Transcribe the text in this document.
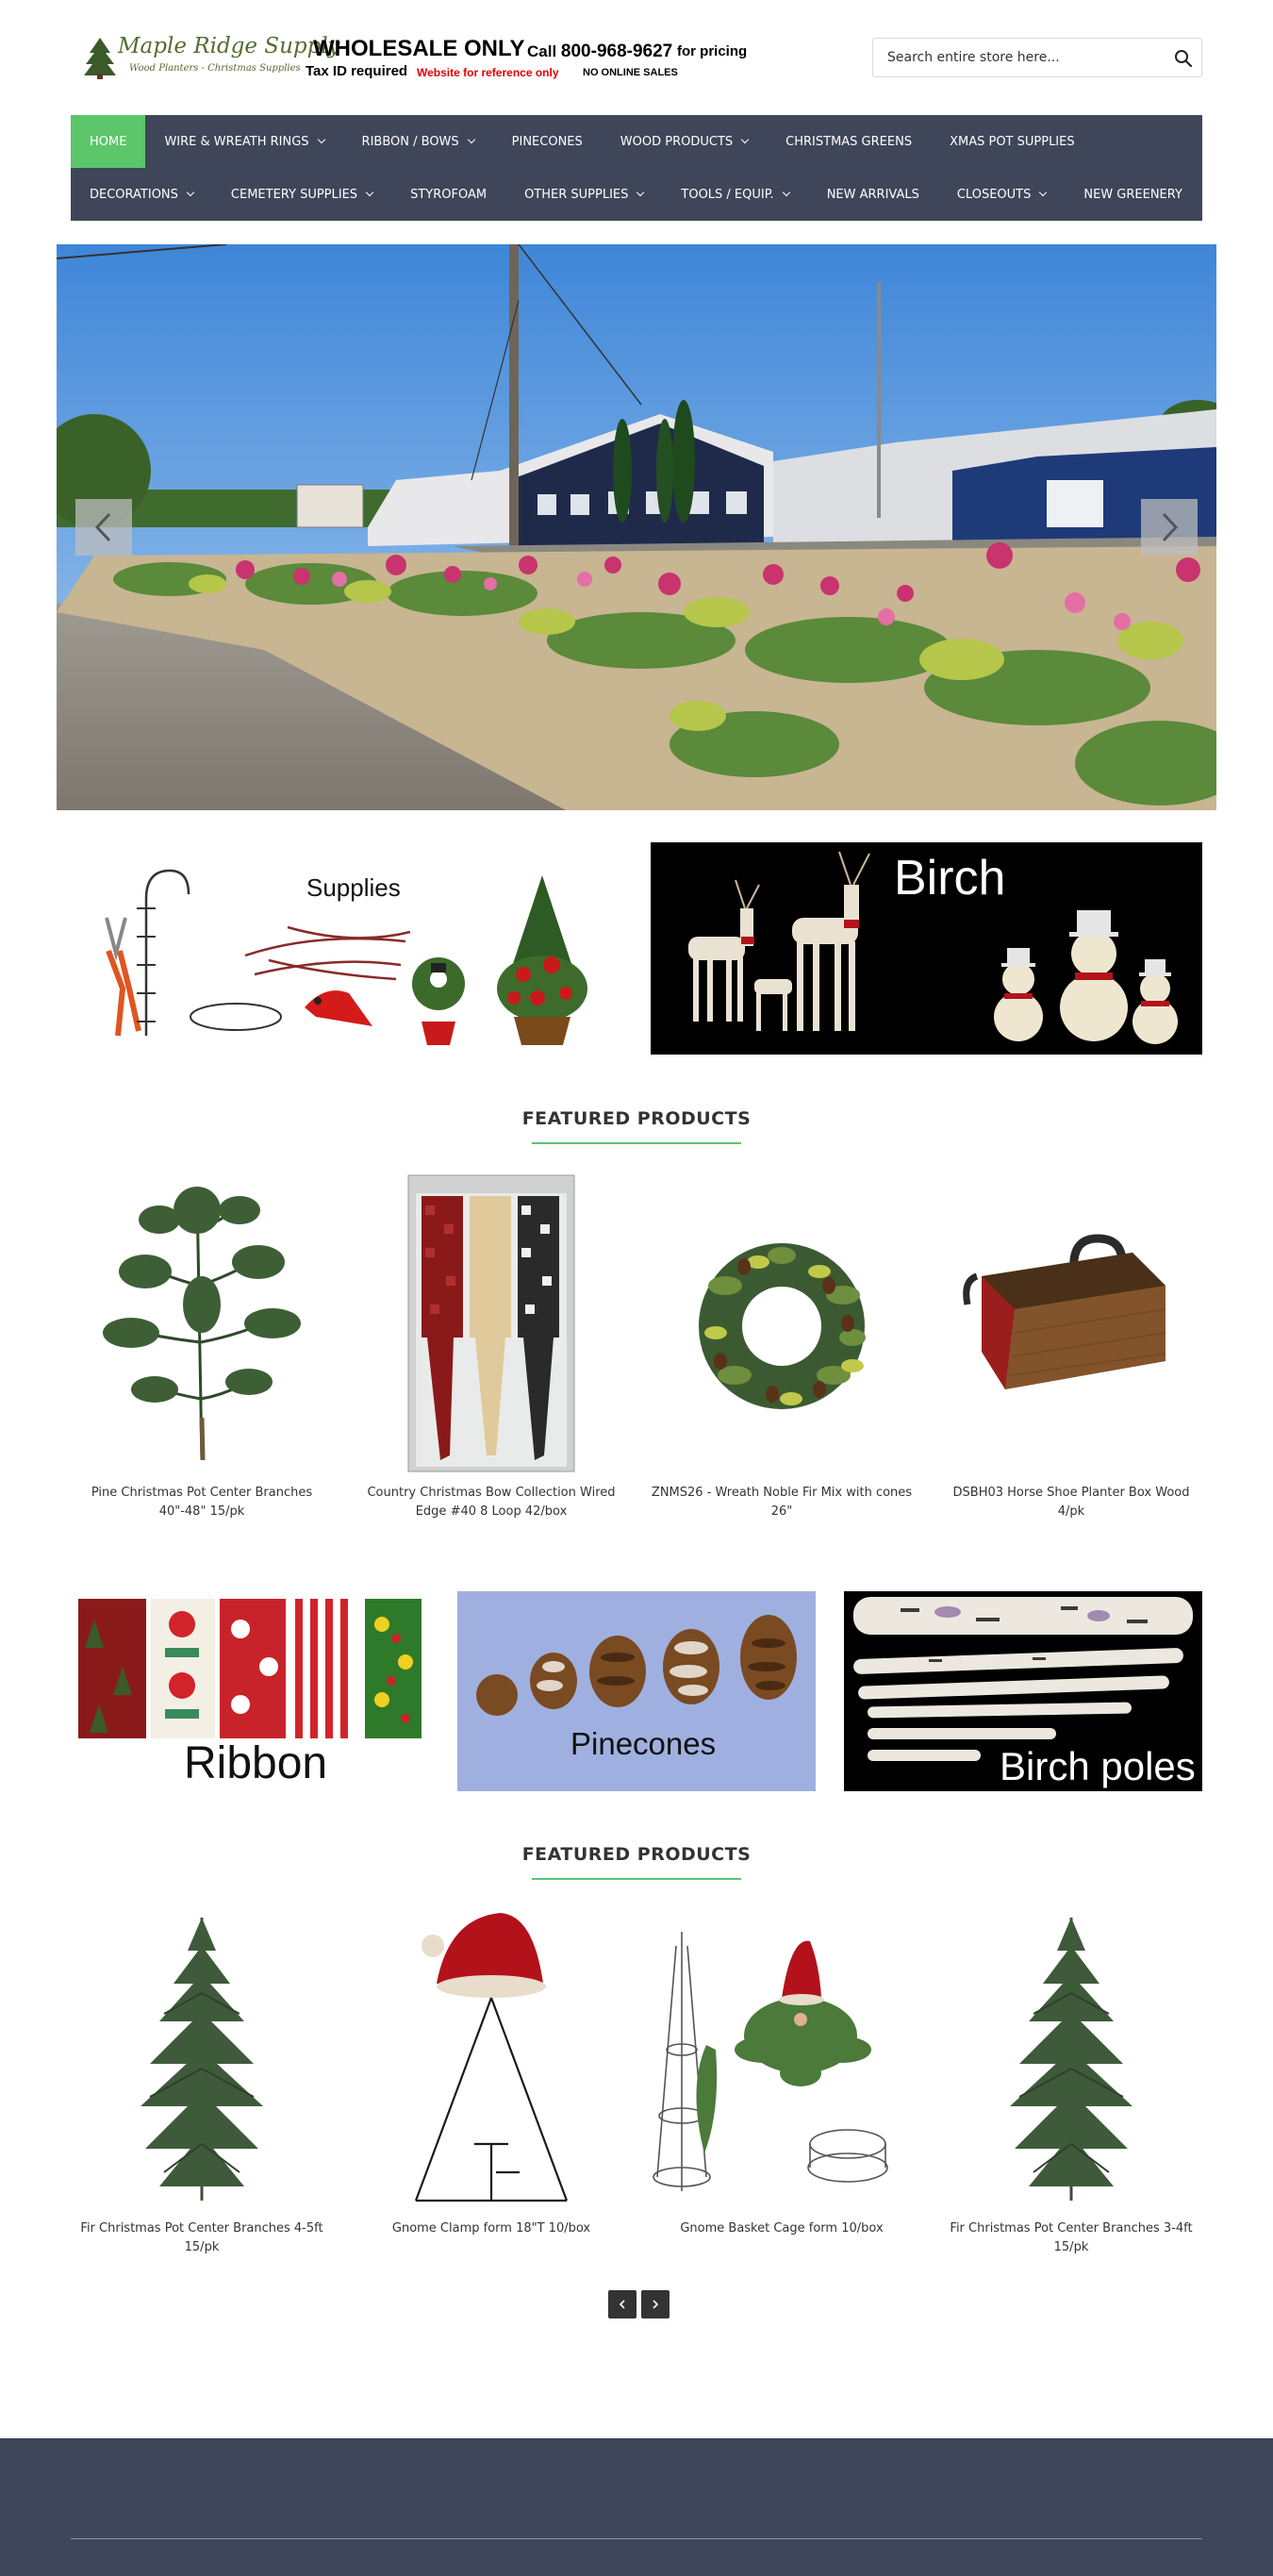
Maple Ridge Supply
Wood Planters - Christmas Supplies
WHOLESALE ONLY Call 800-968-9627 for pricing
Tax ID required Website for reference only NO ONLINE SALES
Search entire store here...
HOME	WIRE & WREATH RINGS	RIBBON / BOWS	PINECONES	WOOD PRODUCTS	CHRISTMAS GREENS	XMAS POT SUPPLIES
DECORATIONS	CEMETERY SUPPLIES	STYROFOAM	OTHER SUPPLIES	TOOLS / EQUIP.	NEW ARRIVALS	CLOSEOUTS	NEW GREENERY
Supplies	Birch
FEATURED PRODUCTS
Pine Christmas Pot Center Branches 40"-48" 15/pk
Country Christmas Bow Collection Wired Edge #40 8 Loop 42/box
ZNMS26 - Wreath Noble Fir Mix with cones 26"
DSBH03 Horse Shoe Planter Box Wood 4/pk
Ribbon	Pinecones
Birch poles
FEATURED PRODUCTS
Fir Christmas Pot Center Branches 4-5ft 15/pk
Gnome Clamp form 18"T 10/box	Gnome Basket Cage form 10/box	Fir Christmas Pot Center Branches 3-4ft 15/pk
